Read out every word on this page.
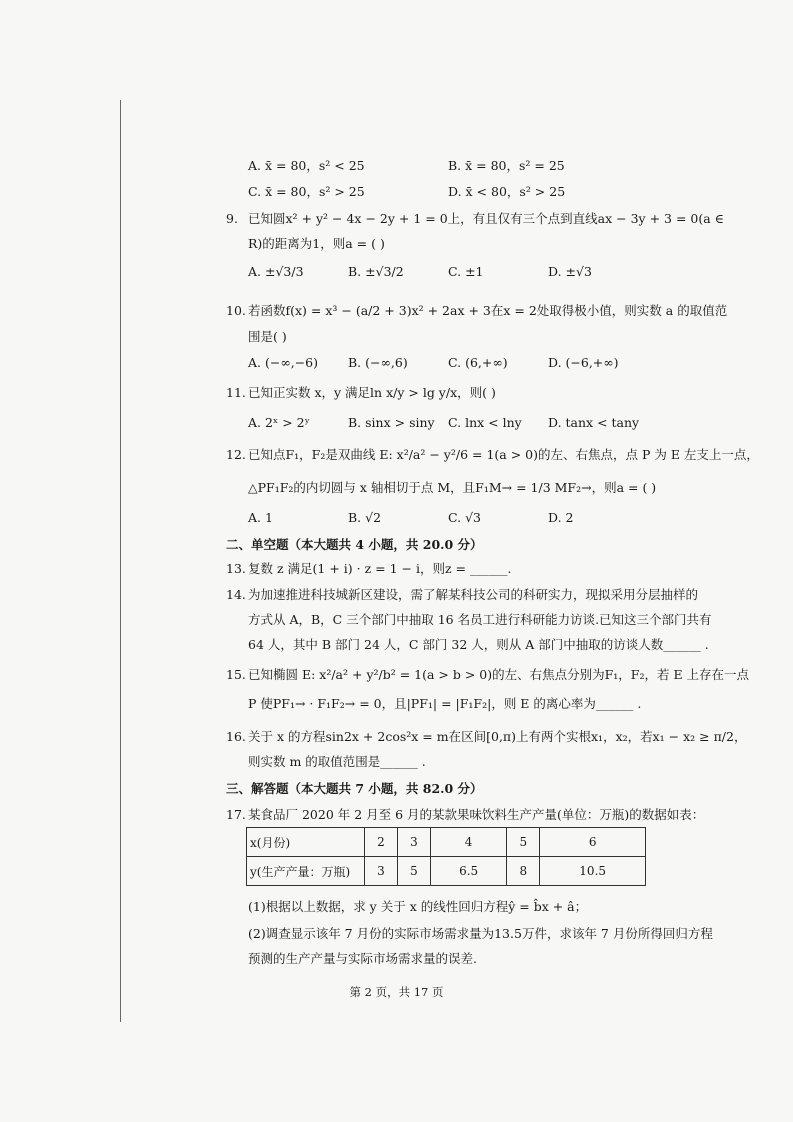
A. x̄ = 80，s² < 25	B. x̄ = 80，s² = 25
C. x̄ = 80，s² > 25	D. x̄ < 80，s² > 25
9. 已知圆x² + y² − 4x − 2y + 1 = 0上，有且仅有三个点到直线ax − 3y + 3 = 0(a ∈
R)的距离为1，则a = ( )
A. ±√3/3	B. ±√3/2	C. ±1	D. ±√3
10. 若函数f(x) = x³ − (a/2 + 3)x² + 2ax + 3在x = 2处取得极小值，则实数 a 的取值范
围是( )
A. (−∞,−6) B. (−∞,6)	C. (6,+∞)	D. (−6,+∞)
11. 已知正实数 x，y 满足ln x/y > lg y/x，则( )
A. 2ˣ > 2ʸ	B. sinx > siny C. lnx < lny D. tanx < tany
12. 已知点F₁，F₂是双曲线 E: x²/a² − y²/6 = 1(a > 0)的左、右焦点，点 P 为 E 左支上一点，
△PF₁F₂的内切圆与 x 轴相切于点 M，且F₁M→ = 1/3 MF₂→，则a = ( )
A. 1	B. √2	C. √3	D. 2
二、单空题（本大题共 4 小题，共 20.0 分）
13. 复数 z 满足(1 + i) · z = 1 − i，则z = ______.
14. 为加速推进科技城新区建设，需了解某科技公司的科研实力，现拟采用分层抽样的
方式从 A，B，C 三个部门中抽取 16 名员工进行科研能力访谈.已知这三个部门共有
64 人，其中 B 部门 24 人，C 部门 32 人，则从 A 部门中抽取的访谈人数______ .
15. 已知椭圆 E: x²/a² + y²/b² = 1(a > b > 0)的左、右焦点分别为F₁，F₂，若 E 上存在一点
P 使PF₁→ · F₁F₂→ = 0，且|PF₁| = |F₁F₂|，则 E 的离心率为______ .
16. 关于 x 的方程sin2x + 2cos²x = m在区间[0,π)上有两个实根x₁，x₂，若x₁ − x₂ ≥ π/2，
则实数 m 的取值范围是______ .
三、解答题（本大题共 7 小题，共 82.0 分）
17. 某食品厂 2020 年 2 月至 6 月的某款果味饮料生产产量(单位：万瓶)的数据如表：
x(月份)	2	3	4	5	6
y(生产产量：万瓶)	3	5	6.5	8	10.5
(1)根据以上数据，求 y 关于 x 的线性回归方程ŷ = b̂x + â；
(2)调查显示该年 7 月份的实际市场需求量为13.5万件，求该年 7 月份所得回归方程
预测的生产产量与实际市场需求量的误差.
第 2 页，共 17 页
